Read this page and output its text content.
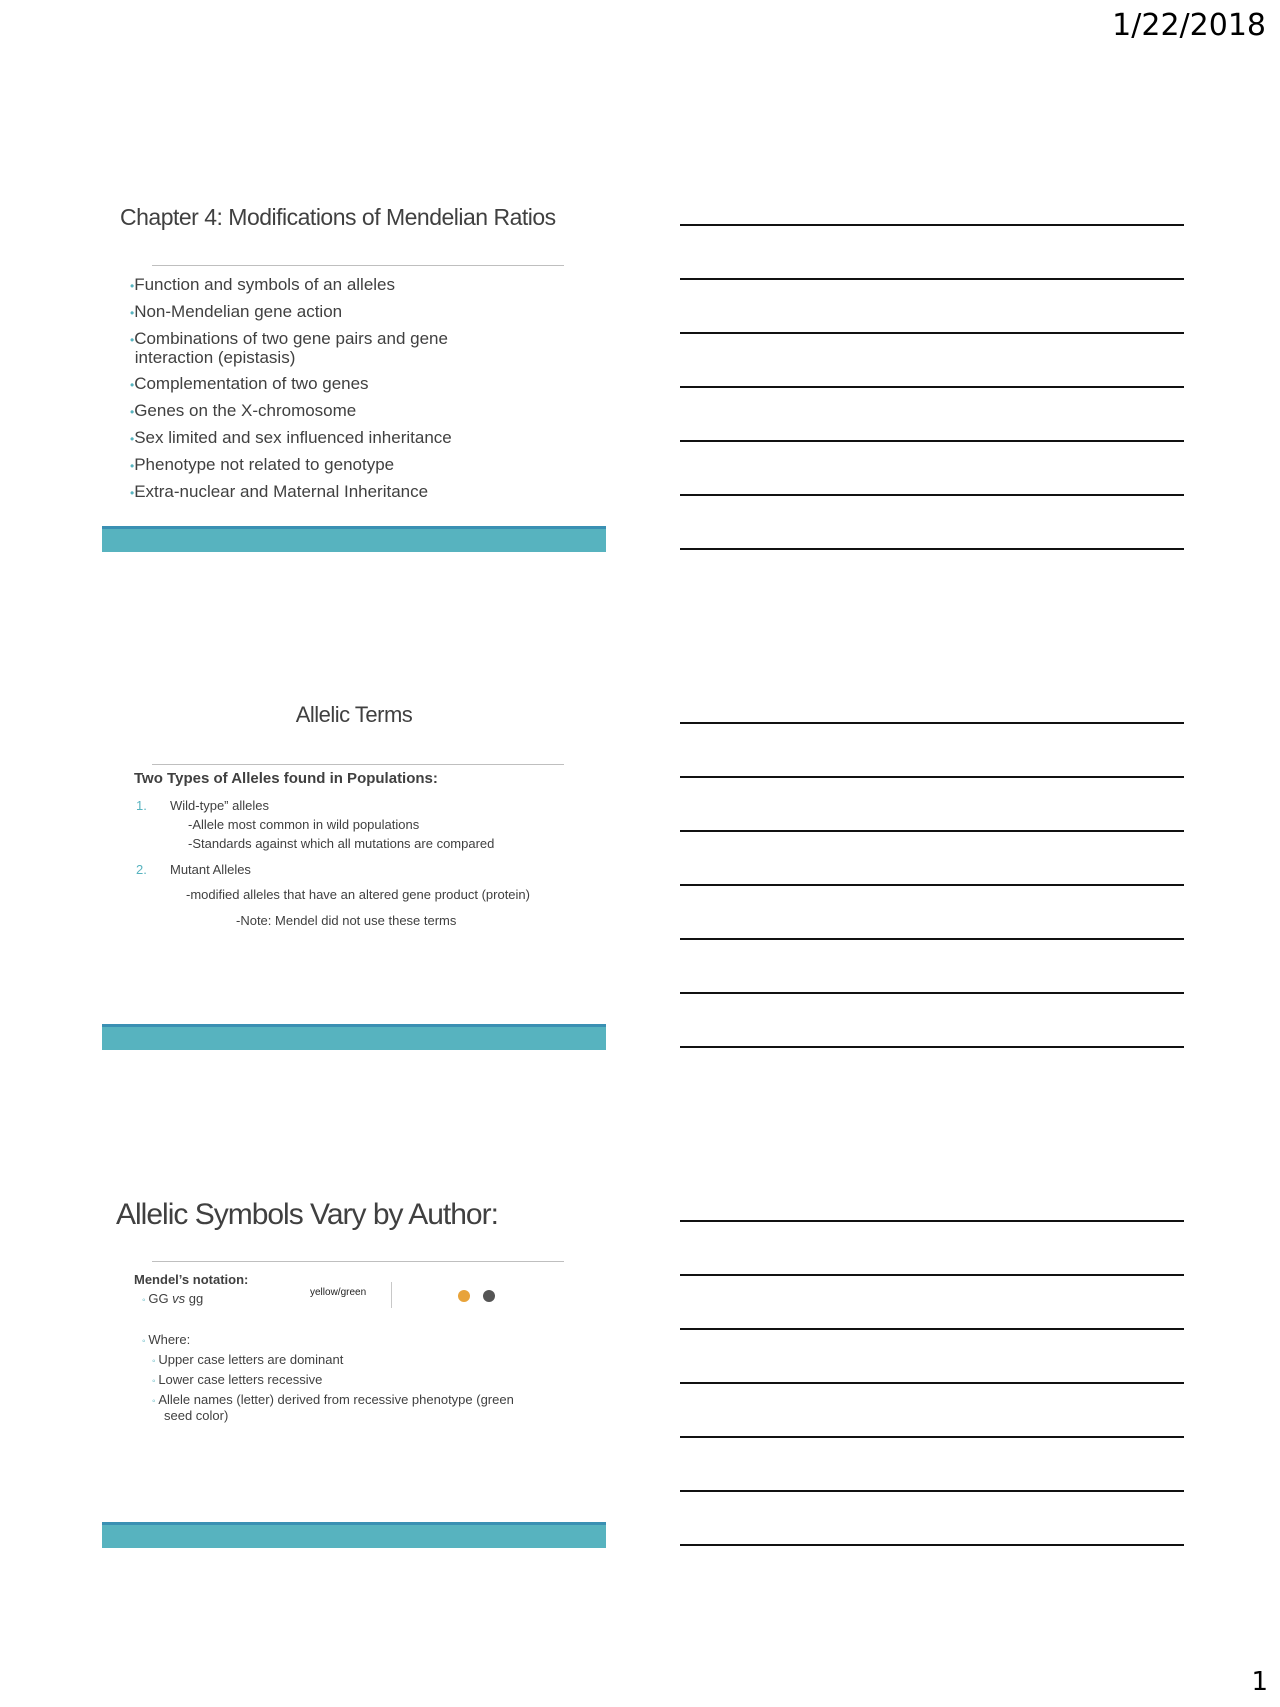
1/22/2018
Chapter 4: Modifications of Mendelian Ratios
•Function and symbols of an alleles
•Non-Mendelian gene action
•Combinations of two gene pairs and gene
interaction (epistasis)
•Complementation of two genes
•Genes on the X-chromosome
•Sex limited and sex influenced inheritance
•Phenotype not related to genotype
•Extra-nuclear and Maternal Inheritance
Allelic Terms
Two Types of Alleles found in Populations:
1. Wild-type” alleles
-Allele most common in wild populations
-Standards against which all mutations are compared
2. Mutant Alleles
-modified alleles that have an altered gene product (protein)
-Note: Mendel did not use these terms
Allelic Symbols Vary by Author:
Mendel’s notation:
◦ GG vs gg	yellow/green
◦ Where:
◦ Upper case letters are dominant
◦ Lower case letters recessive
◦ Allele names (letter) derived from recessive phenotype (green
seed color)
1
